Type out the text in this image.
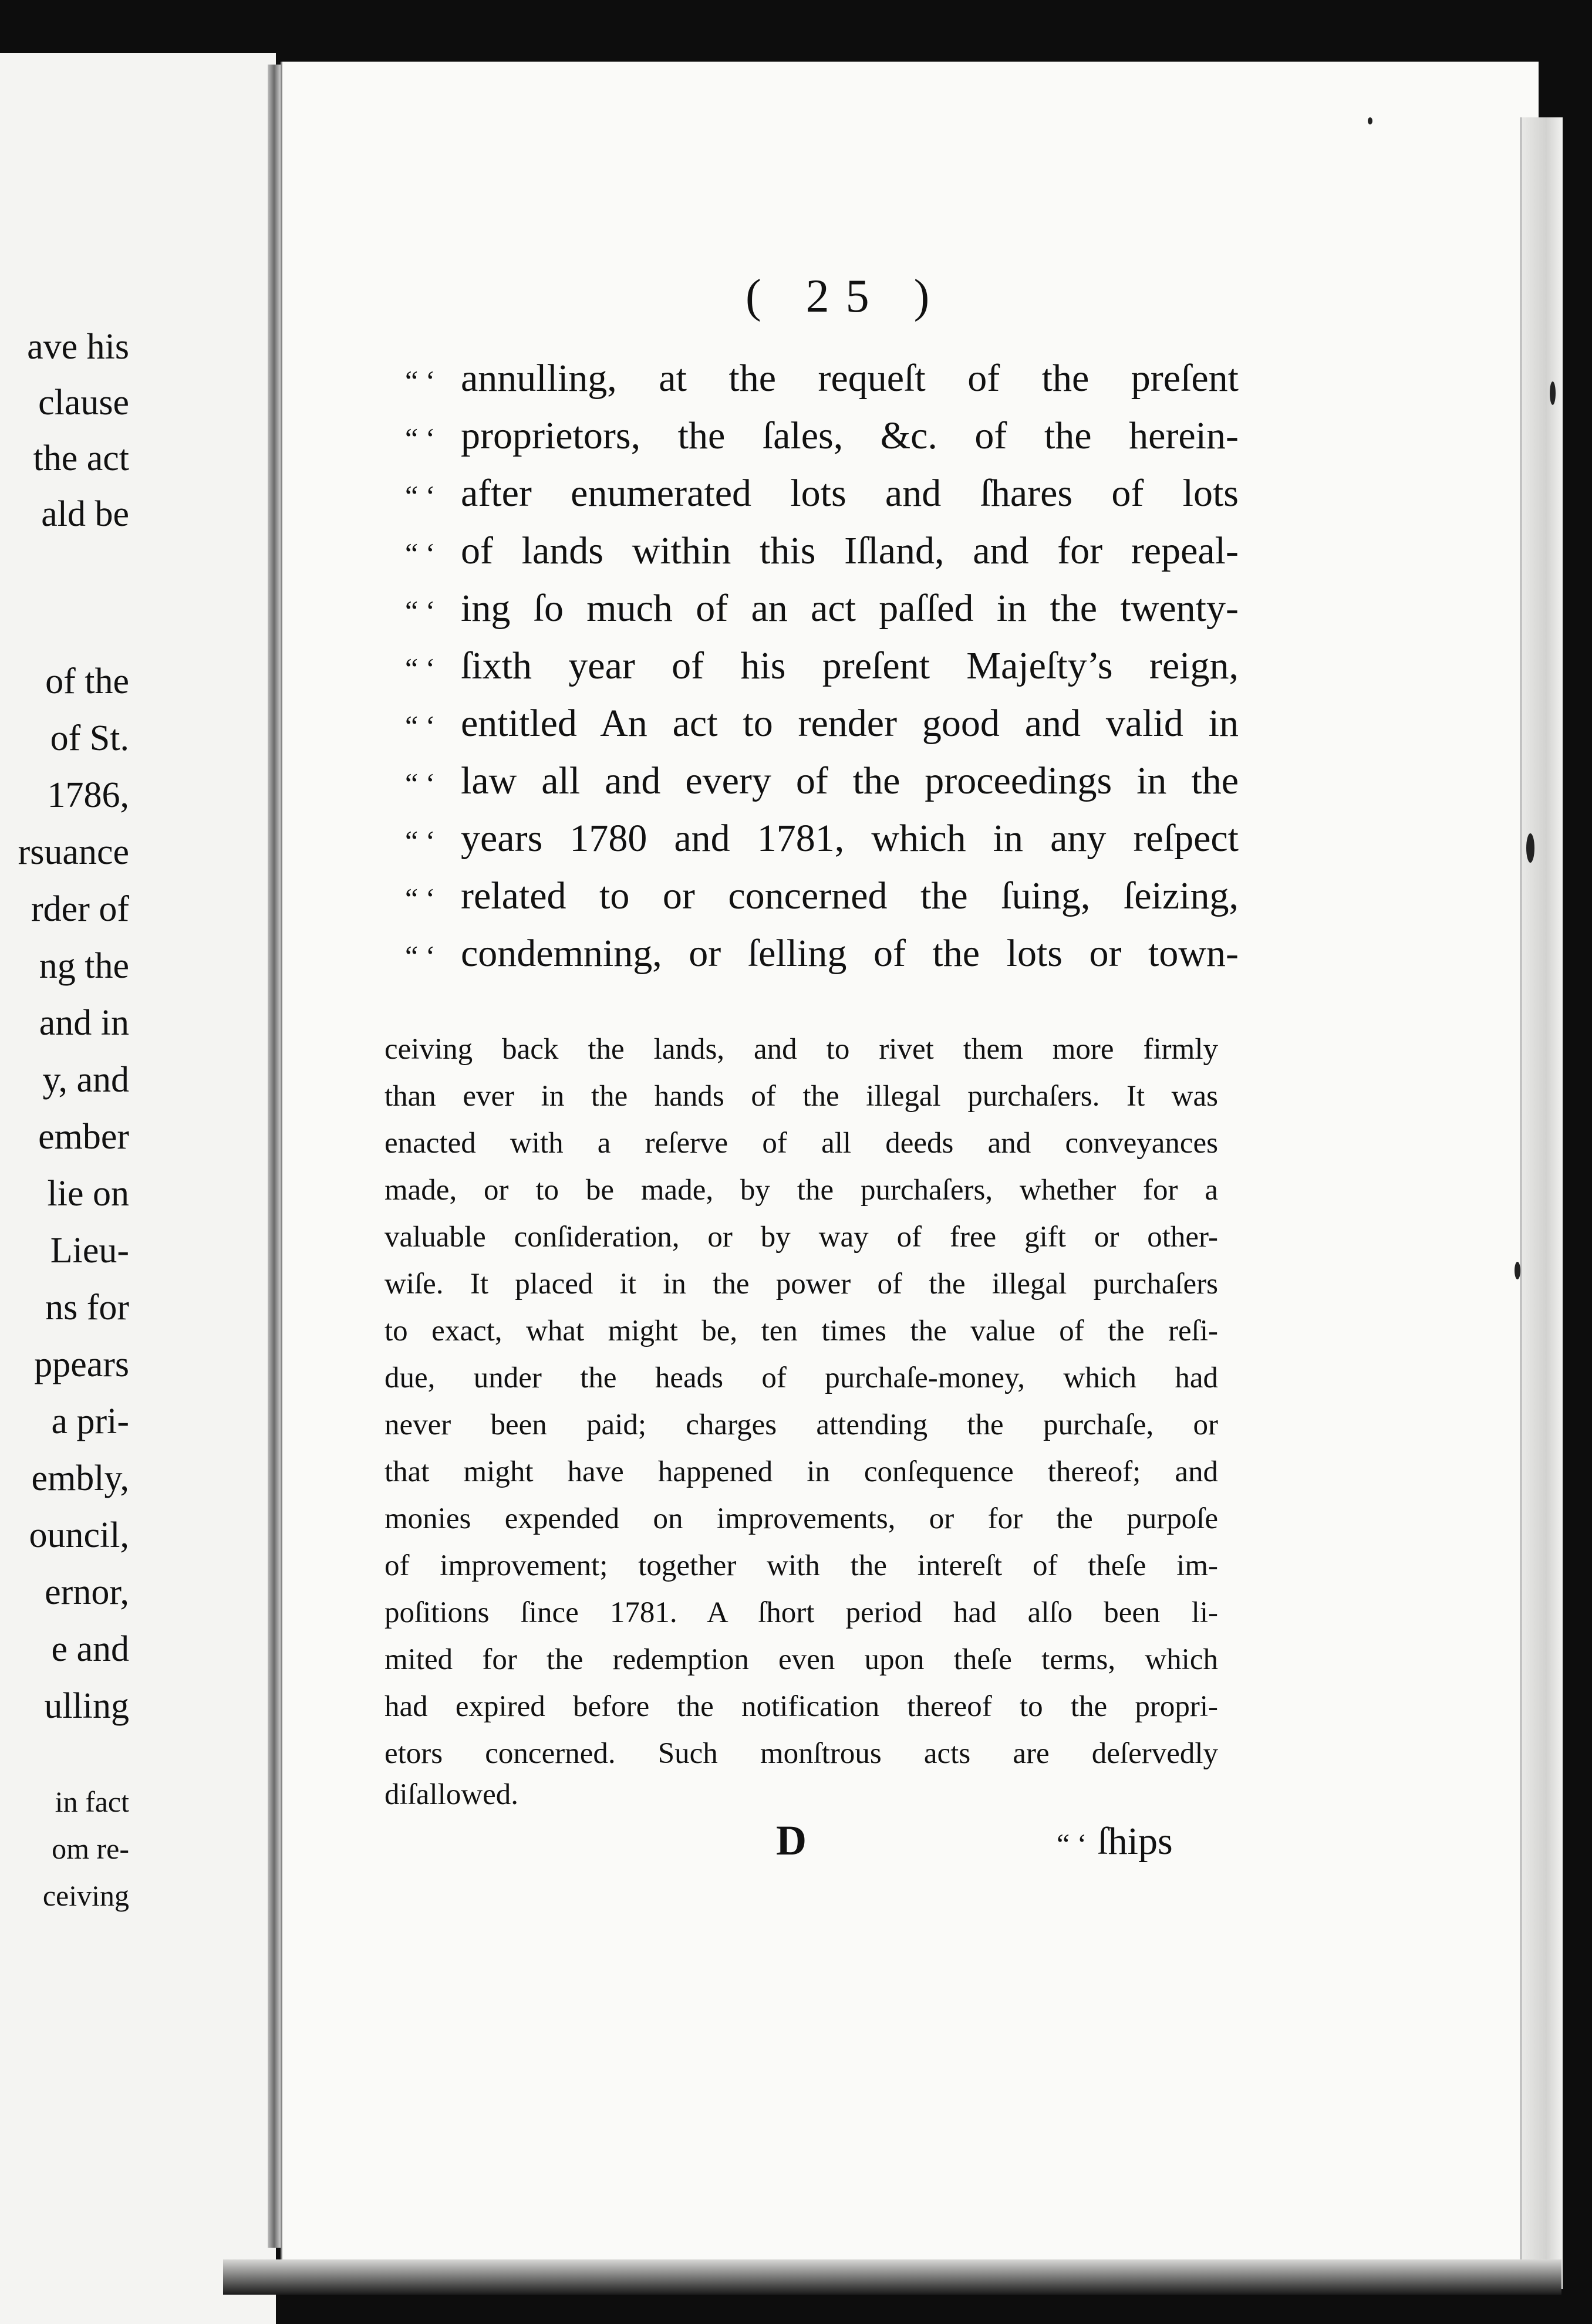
ave his
clause
the act
ald be
of the
of St.
1786,
rsuance
rder of
ng the
and in
y, and
ember
lie on
Lieu-
ns for
ppears
a pri-
embly,
ouncil,
ernor,
e and
ulling
in fact
om re-
ceiving
( 25 )
“ ‘ annulling, at the requeſt of the preſent
“ ‘ proprietors, the ſales, &c. of the herein-
“ ‘ after enumerated lots and ſhares of lots
“ ‘ of lands within this Iſland, and for repeal-
“ ‘ ing ſo much of an act paſſed in the twenty-
“ ‘ ſixth year of his preſent Majeſty’s reign,
“ ‘ entitled An act to render good and valid in
“ ‘ law all and every of the proceedings in the
“ ‘ years 1780 and 1781, which in any reſpect
“ ‘ related to or concerned the ſuing, ſeizing,
“ ‘ condemning, or ſelling of the lots or town-
ceiving back the lands, and to rivet them more firmly
than ever in the hands of the illegal purchaſers. It was
enacted with a reſerve of all deeds and conveyances
made, or to be made, by the purchaſers, whether for a
valuable conſideration, or by way of free gift or other-
wiſe. It placed it in the power of the illegal purchaſers
to exact, what might be, ten times the value of the reſi-
due, under the heads of purchaſe-money, which had
never been paid; charges attending the purchaſe, or
that might have happened in conſequence thereof; and
monies expended on improvements, or for the purpoſe
of improvement; together with the intereſt of theſe im-
poſitions ſince 1781. A ſhort period had alſo been li-
mited for the redemption even upon theſe terms, which
had expired before the notification thereof to the propri-
etors concerned. Such monſtrous acts are deſervedly
diſallowed.
D	“ ‘ ſhips
